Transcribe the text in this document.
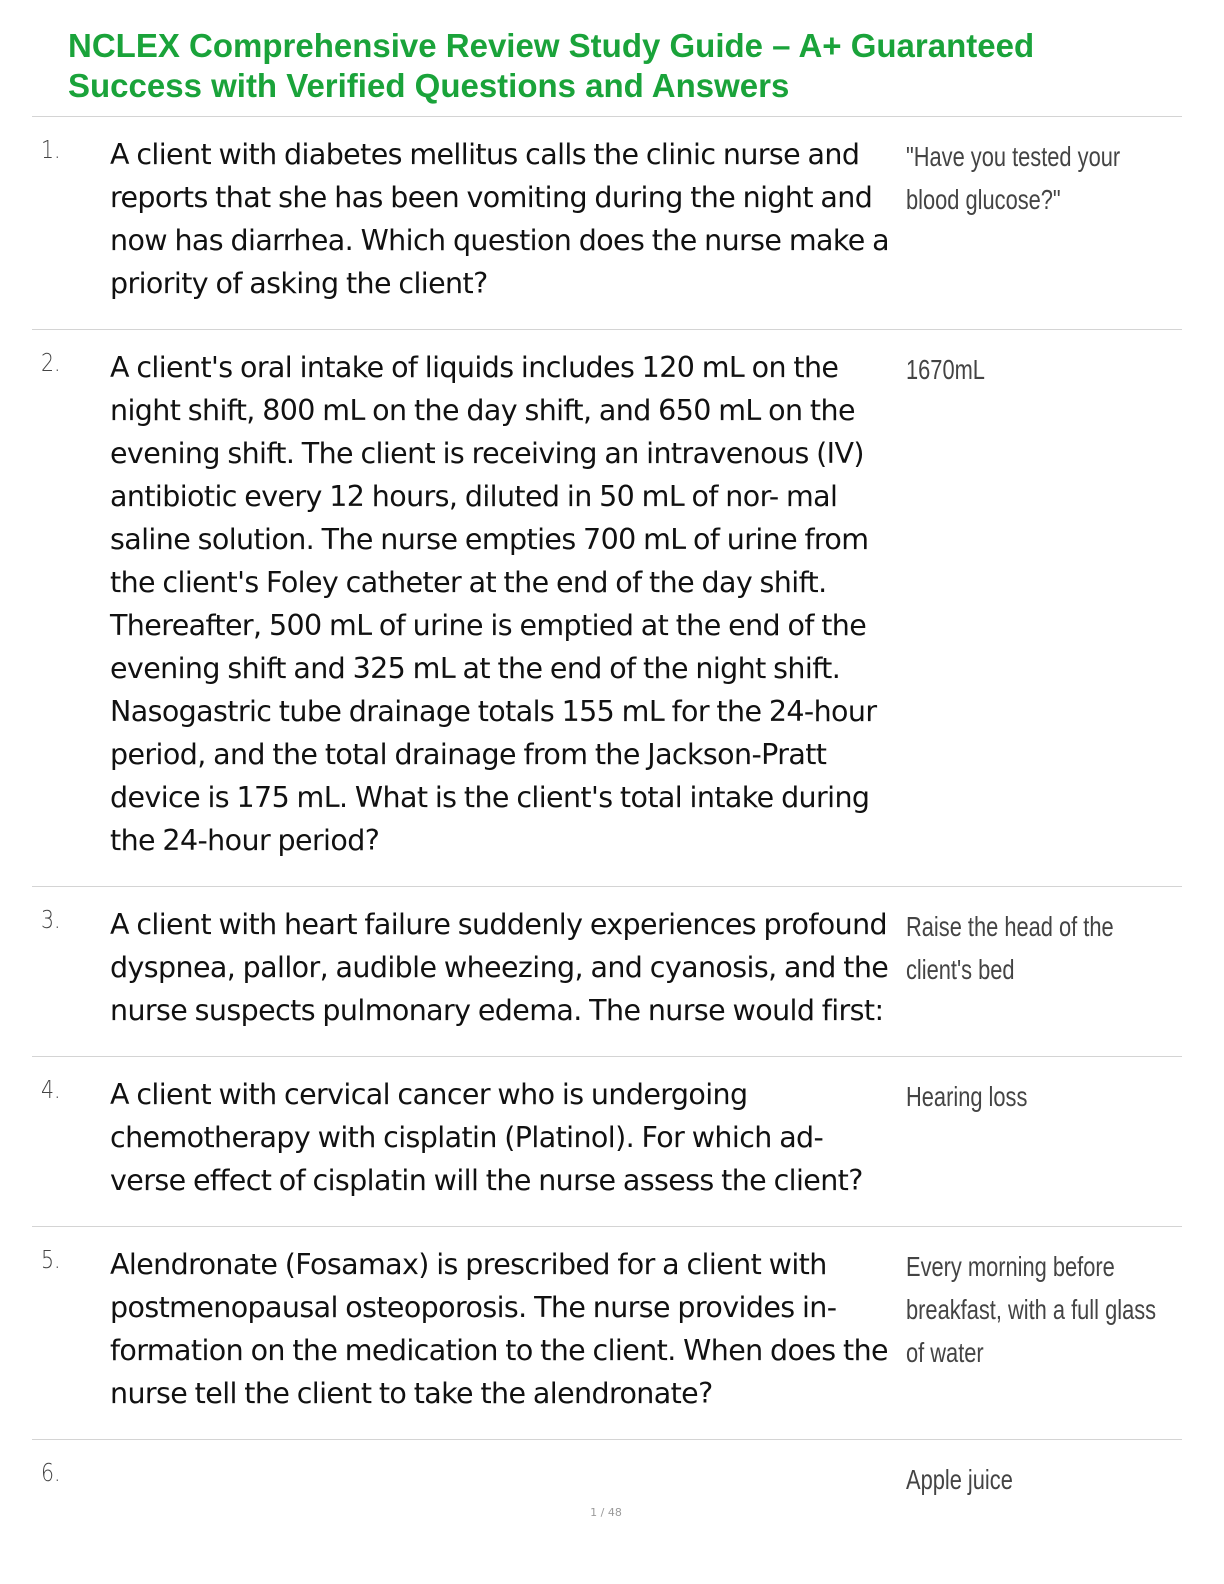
NCLEX Comprehensive Review Study Guide – A+ Guaranteed Success with Verified Questions and Answers
1. A client with diabetes mellitus calls the clinic nurse and reports that she has been vomiting during the night and now has diarrhea. Which question does the nurse make a priority of asking the client?
"Have you tested your blood glucose?"
2. A client's oral intake of liquids includes 120 mL on the night shift, 800 mL on the day shift, and 650 mL on the evening shift. The client is receiving an intravenous (IV) antibiotic every 12 hours, diluted in 50 mL of nor- mal saline solution. The nurse empties 700 mL of urine from the client's Foley catheter at the end of the day shift. Thereafter, 500 mL of urine is emptied at the end of the evening shift and 325 mL at the end of the night shift. Nasogastric tube drainage totals 155 mL for the 24-hour period, and the total drainage from the Jackson-Pratt device is 175 mL. What is the client's total intake during the 24-hour period?
1670mL
3. A client with heart failure suddenly experiences profound dyspnea, pallor, audible wheezing, and cyanosis, and the nurse suspects pulmonary edema. The nurse would first:
Raise the head of the client's bed
4. A client with cervical cancer who is undergoing chemotherapy with cisplatin (Platinol). For which ad- verse effect of cisplatin will the nurse assess the client?
Hearing loss
5. Alendronate (Fosamax) is prescribed for a client with postmenopausal osteoporosis. The nurse provides in- formation on the medication to the client. When does the nurse tell the client to take the alendronate?
Every morning before breakfast, with a full glass of water
6.	Apple juice
1 / 48
